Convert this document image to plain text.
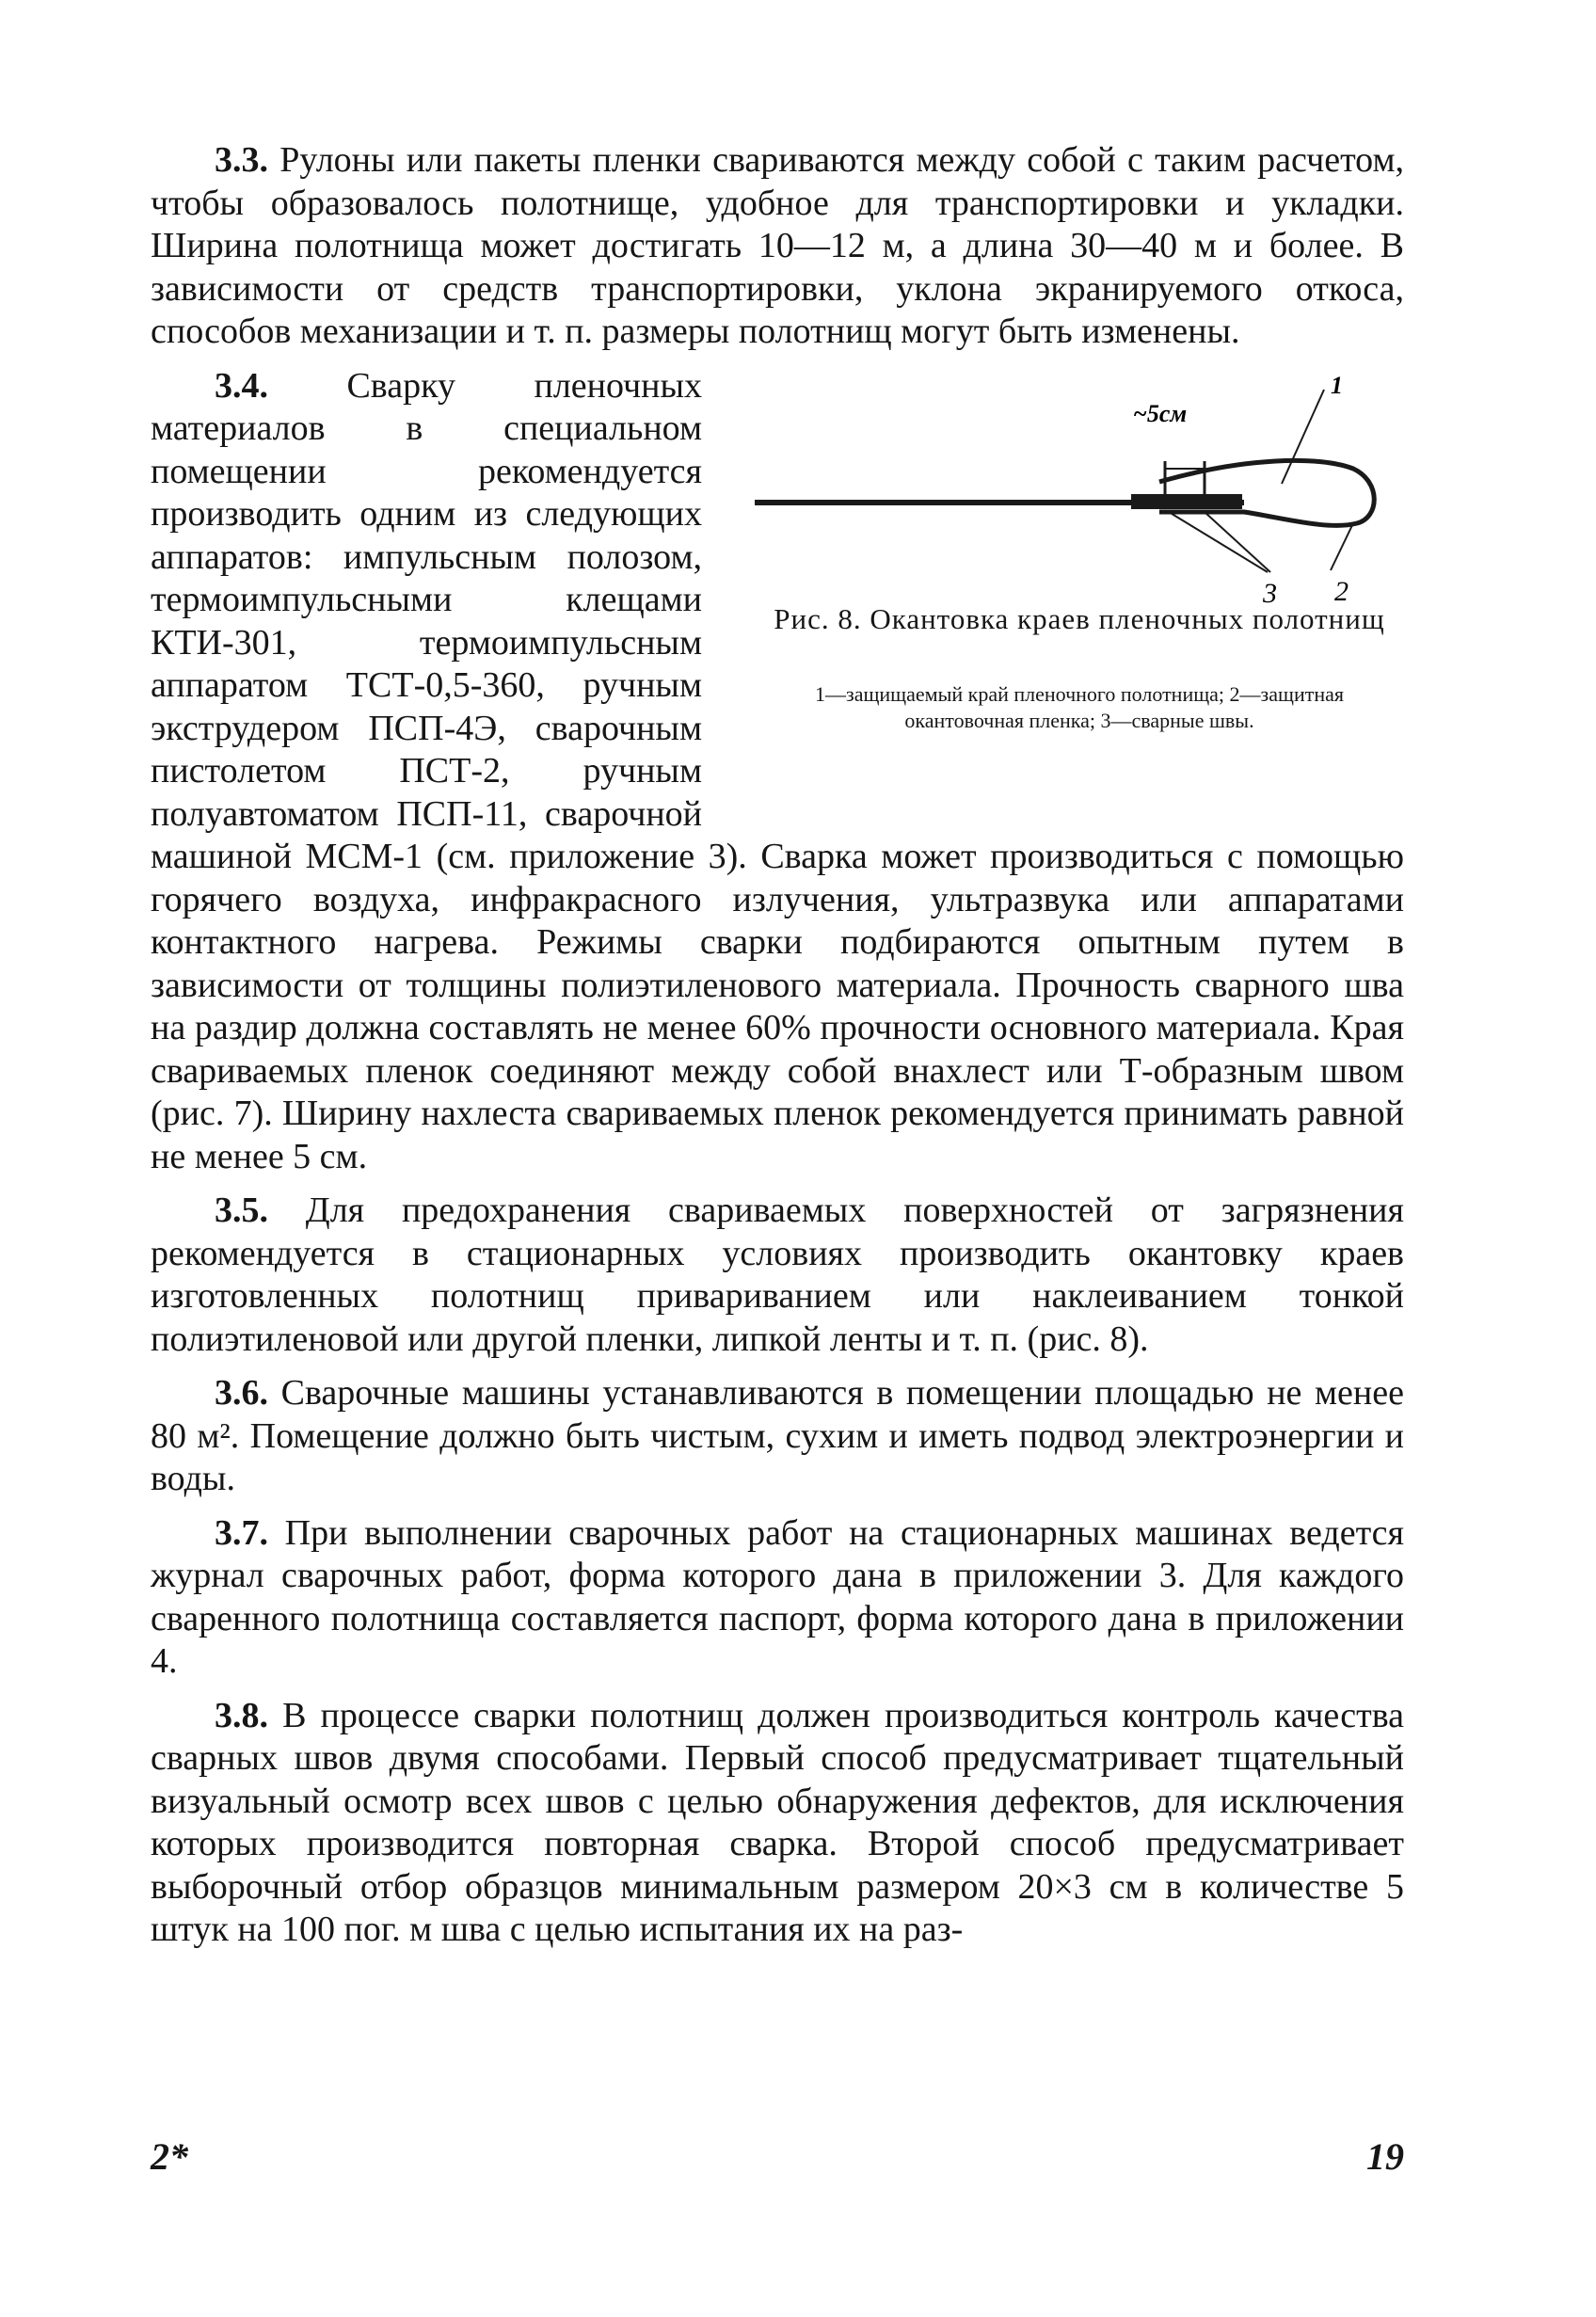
3.3. Рулоны или пакеты пленки свариваются между собой с таким расчетом, чтобы образовалось полотнище, удобное для транспортировки и укладки. Ширина полотнища может достигать 10—12 м, а длина 30—40 м и более. В зависимости от средств транспортировки, уклона экранируемого откоса, способов механизации и т. п. размеры полотнищ могут быть изменены.

~5см
1
2
3
Рис. 8. Окантовка краев пленочных полотнищ
1—защищаемый край пленочного полотнища; 2—защитная окантовочная пленка; 3—сварные швы.
3.4. Сварку пленочных материалов в специальном помещении рекомендуется производить одним из следующих аппаратов: импульсным полозом, термоимпульсными клещами КТИ-301, термоимпульсным аппаратом ТСТ-0,5-360, ручным экструдером ПСП-4Э, сварочным пистолетом ПСТ-2, ручным полуавтоматом ПСП-11, сварочной машиной МСМ-1 (см. приложение 3). Сварка может производиться с помощью горячего воздуха, инфракрасного излучения, ультразвука или аппаратами контактного нагрева. Режимы сварки подбираются опытным путем в зависимости от толщины полиэтиленового материала. Прочность сварного шва на раздир должна составлять не менее 60% прочности основного материала. Края свариваемых пленок соединяют между собой внахлест или Т-образным швом (рис. 7). Ширину нахлеста свариваемых пленок рекомендуется принимать равной не менее 5 см.

3.5. Для предохранения свариваемых поверхностей от загрязнения рекомендуется в стационарных условиях производить окантовку краев изготовленных полотнищ привариванием или наклеиванием тонкой полиэтиленовой или другой пленки, липкой ленты и т. п. (рис. 8).

3.6. Сварочные машины устанавливаются в помещении площадью не менее 80 м². Помещение должно быть чистым, сухим и иметь подвод электроэнергии и воды.

3.7. При выполнении сварочных работ на стационарных машинах ведется журнал сварочных работ, форма которого дана в приложении 3. Для каждого сваренного полотнища составляется паспорт, форма которого дана в приложении 4.

3.8. В процессе сварки полотнищ должен производиться контроль качества сварных швов двумя способами. Первый способ предусматривает тщательный визуальный осмотр всех швов с целью обнаружения дефектов, для исключения которых производится повторная сварка. Второй способ предусматривает выборочный отбор образцов минимальным размером 20×3 см в количестве 5 штук на 100 пог. м шва с целью испытания их на раз-

2*	19
